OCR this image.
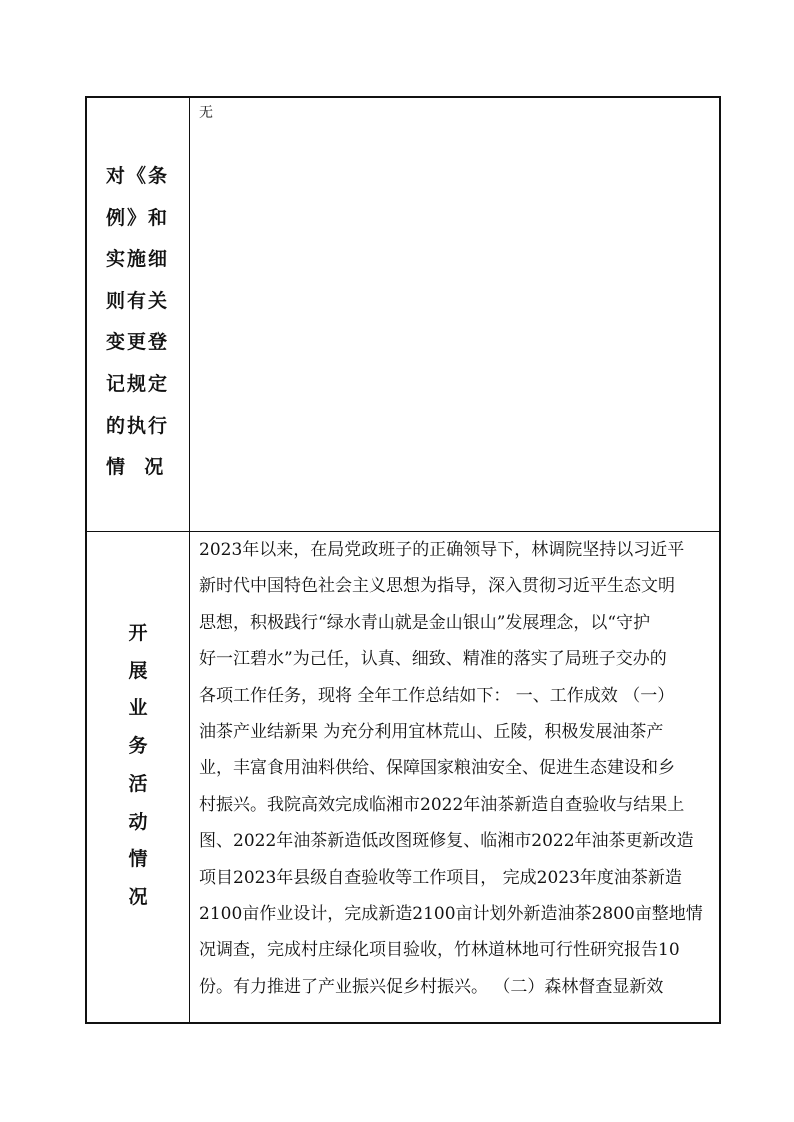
对《条
例》和
实施细
则有关
变更登
记规定
的执行
情  况
无
开
展
业
务
活
动
情
况
2023年以来，在局党政班子的正确领导下，林调院坚持以习近平
新时代中国特色社会主义思想为指导，深入贯彻习近平生态文明
思想，积极践行“绿水青山就是金山银山”发展理念，以“守护
好一江碧水”为己任，认真、细致、精准的落实了局班子交办的
各项工作任务，现将 全年工作总结如下： 一、工作成效 （一）
油茶产业结新果 为充分利用宜林荒山、丘陵，积极发展油茶产
业，丰富食用油料供给、保障国家粮油安全、促进生态建设和乡
村振兴。我院高效完成临湘市2022年油茶新造自查验收与结果上
图、2022年油茶新造低改图斑修复、临湘市2022年油茶更新改造
项目2023年县级自查验收等工作项目， 完成2023年度油茶新造
2100亩作业设计，完成新造2100亩计划外新造油茶2800亩整地情
况调查，完成村庄绿化项目验收，竹林道林地可行性研究报告10
份。有力推进了产业振兴促乡村振兴。 （二）森林督查显新效
